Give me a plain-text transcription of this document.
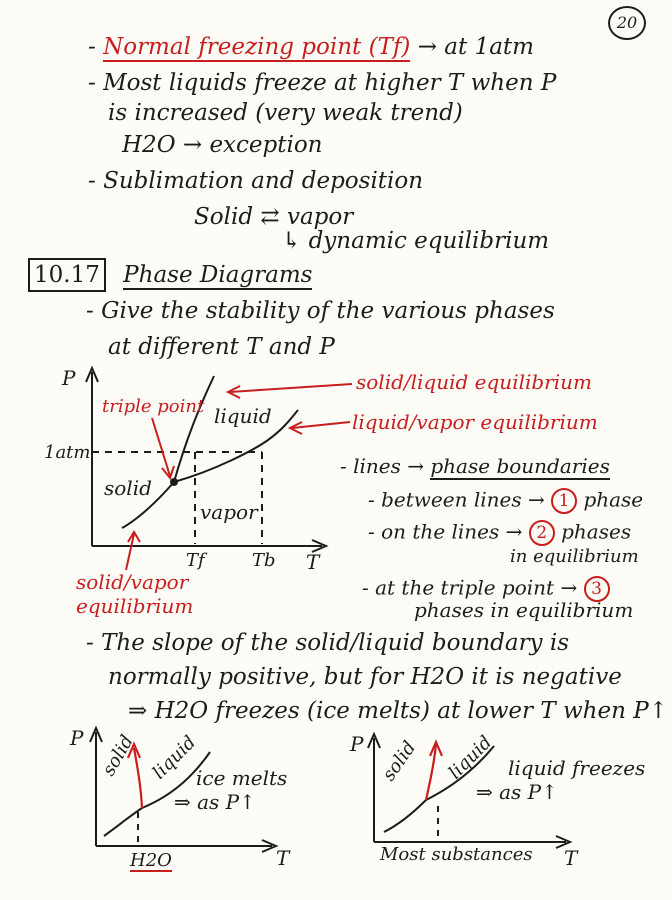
20
- Normal freezing point (Tf) → at 1atm
- Most liquids freeze at higher T when P
is increased (very weak trend)
H2O → exception
- Sublimation and deposition
Solid ⇄ vapor
↳ dynamic equilibrium
10.17 Phase Diagrams
- Give the stability of the various phases
at different T and P
P
T
1atm
Tf	Tb
solid
liquid
vapor
triple point
solid/vapor
equilibrium
solid/liquid equilibrium
liquid/vapor equilibrium
- lines → phase boundaries
- between lines → 1 phase
- on the lines → 2 phases
in equilibrium
- at the triple point → 3
phases in equilibrium
- The slope of the solid/liquid boundary is
normally positive, but for H2O it is negative
⇒ H2O freezes (ice melts) at lower T when P↑
P
T
solid liquid
ice melts
⇒ as P↑
H2O
P
T
solid liquid liquid freezes
⇒ as P↑
Most substances
